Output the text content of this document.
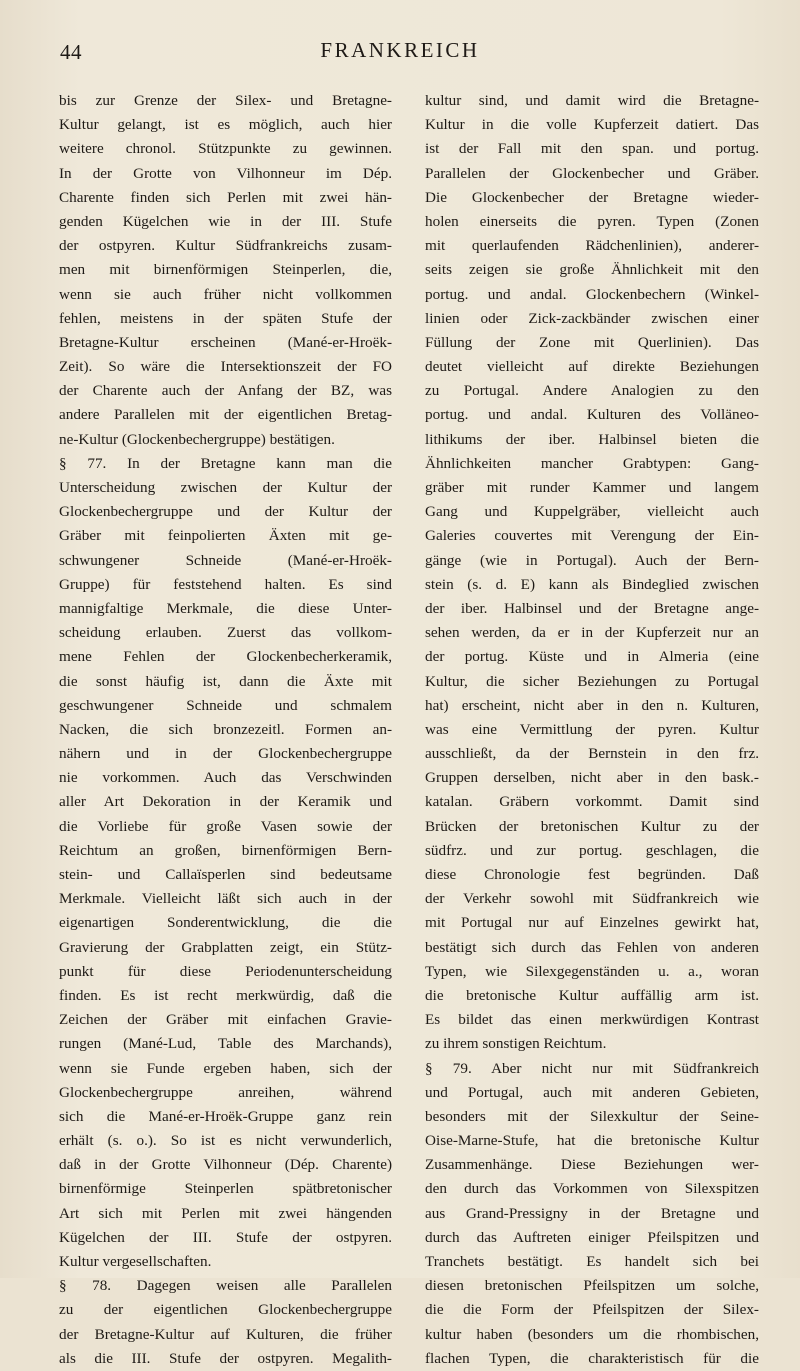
44	FRANKREICH
bis zur Grenze der Silex- und Bretagne-
Kultur gelangt, ist es möglich, auch hier
weitere chronol. Stützpunkte zu gewinnen.
In der Grotte von Vilhonneur im Dép.
Charente finden sich Perlen mit zwei hän-
genden Kügelchen wie in der III. Stufe
der ostpyren. Kultur Südfrankreichs zusam-
men mit birnenförmigen Steinperlen, die,
wenn sie auch früher nicht vollkommen
fehlen, meistens in der späten Stufe der
Bretagne-Kultur erscheinen (Mané-er-Hroëk-
Zeit). So wäre die Intersektionszeit der FO
der Charente auch der Anfang der BZ, was
andere Parallelen mit der eigentlichen Bretag-
ne-Kultur (Glockenbechergruppe) bestätigen.
§ 77. In der Bretagne kann man die
Unterscheidung zwischen der Kultur der
Glockenbechergruppe und der Kultur der
Gräber mit feinpolierten Äxten mit ge-
schwungener Schneide (Mané-er-Hroëk-
Gruppe) für feststehend halten. Es sind
mannigfaltige Merkmale, die diese Unter-
scheidung erlauben. Zuerst das vollkom-
mene Fehlen der Glockenbecherkeramik,
die sonst häufig ist, dann die Äxte mit
geschwungener Schneide und schmalem
Nacken, die sich bronzezeitl. Formen an-
nähern und in der Glockenbechergruppe
nie vorkommen. Auch das Verschwinden
aller Art Dekoration in der Keramik und
die Vorliebe für große Vasen sowie der
Reichtum an großen, birnenförmigen Bern-
stein- und Callaïsperlen sind bedeutsame
Merkmale. Vielleicht läßt sich auch in der
eigenartigen Sonderentwicklung, die die
Gravierung der Grabplatten zeigt, ein Stütz-
punkt für diese Periodenunterscheidung
finden. Es ist recht merkwürdig, daß die
Zeichen der Gräber mit einfachen Gravie-
rungen (Mané-Lud, Table des Marchands),
wenn sie Funde ergeben haben, sich der
Glockenbechergruppe anreihen, während
sich die Mané-er-Hroëk-Gruppe ganz rein
erhält (s. o.). So ist es nicht verwunderlich,
daß in der Grotte Vilhonneur (Dép. Charente)
birnenförmige Steinperlen spätbretonischer
Art sich mit Perlen mit zwei hängenden
Kügelchen der III. Stufe der ostpyren.
Kultur vergesellschaften.
§ 78. Dagegen weisen alle Parallelen
zu der eigentlichen Glockenbechergruppe
der Bretagne-Kultur auf Kulturen, die früher
als die III. Stufe der ostpyren. Megalith-
kultur sind, und damit wird die Bretagne-
Kultur in die volle Kupferzeit datiert. Das
ist der Fall mit den span. und portug.
Parallelen der Glockenbecher und Gräber.
Die Glockenbecher der Bretagne wieder-
holen einerseits die pyren. Typen (Zonen
mit querlaufenden Rädchenlinien), anderer-
seits zeigen sie große Ähnlichkeit mit den
portug. und andal. Glockenbechern (Winkel-
linien oder Zick-zackbänder zwischen einer
Füllung der Zone mit Querlinien). Das
deutet vielleicht auf direkte Beziehungen
zu Portugal. Andere Analogien zu den
portug. und andal. Kulturen des Volläneo-
lithikums der iber. Halbinsel bieten die
Ähnlichkeiten mancher Grabtypen: Gang-
gräber mit runder Kammer und langem
Gang und Kuppelgräber, vielleicht auch
Galeries couvertes mit Verengung der Ein-
gänge (wie in Portugal). Auch der Bern-
stein (s. d. E) kann als Bindeglied zwischen
der iber. Halbinsel und der Bretagne ange-
sehen werden, da er in der Kupferzeit nur an
der portug. Küste und in Almeria (eine
Kultur, die sicher Beziehungen zu Portugal
hat) erscheint, nicht aber in den n. Kulturen,
was eine Vermittlung der pyren. Kultur
ausschließt, da der Bernstein in den frz.
Gruppen derselben, nicht aber in den bask.-
katalan. Gräbern vorkommt. Damit sind
Brücken der bretonischen Kultur zu der
südfrz. und zur portug. geschlagen, die
diese Chronologie fest begründen. Daß
der Verkehr sowohl mit Südfrankreich wie
mit Portugal nur auf Einzelnes gewirkt hat,
bestätigt sich durch das Fehlen von anderen
Typen, wie Silexgegenständen u. a., woran
die bretonische Kultur auffällig arm ist.
Es bildet das einen merkwürdigen Kontrast
zu ihrem sonstigen Reichtum.
§ 79. Aber nicht nur mit Südfrankreich
und Portugal, auch mit anderen Gebieten,
besonders mit der Silexkultur der Seine-
Oise-Marne-Stufe, hat die bretonische Kultur
Zusammenhänge. Diese Beziehungen wer-
den durch das Vorkommen von Silexspitzen
aus Grand-Pressigny in der Bretagne und
durch das Auftreten einiger Pfeilspitzen und
Tranchets bestätigt. Es handelt sich bei
diesen bretonischen Pfeilspitzen um solche,
die die Form der Pfeilspitzen der Silex-
kultur haben (besonders um die rhombischen,
flachen Typen, die charakteristisch für die
